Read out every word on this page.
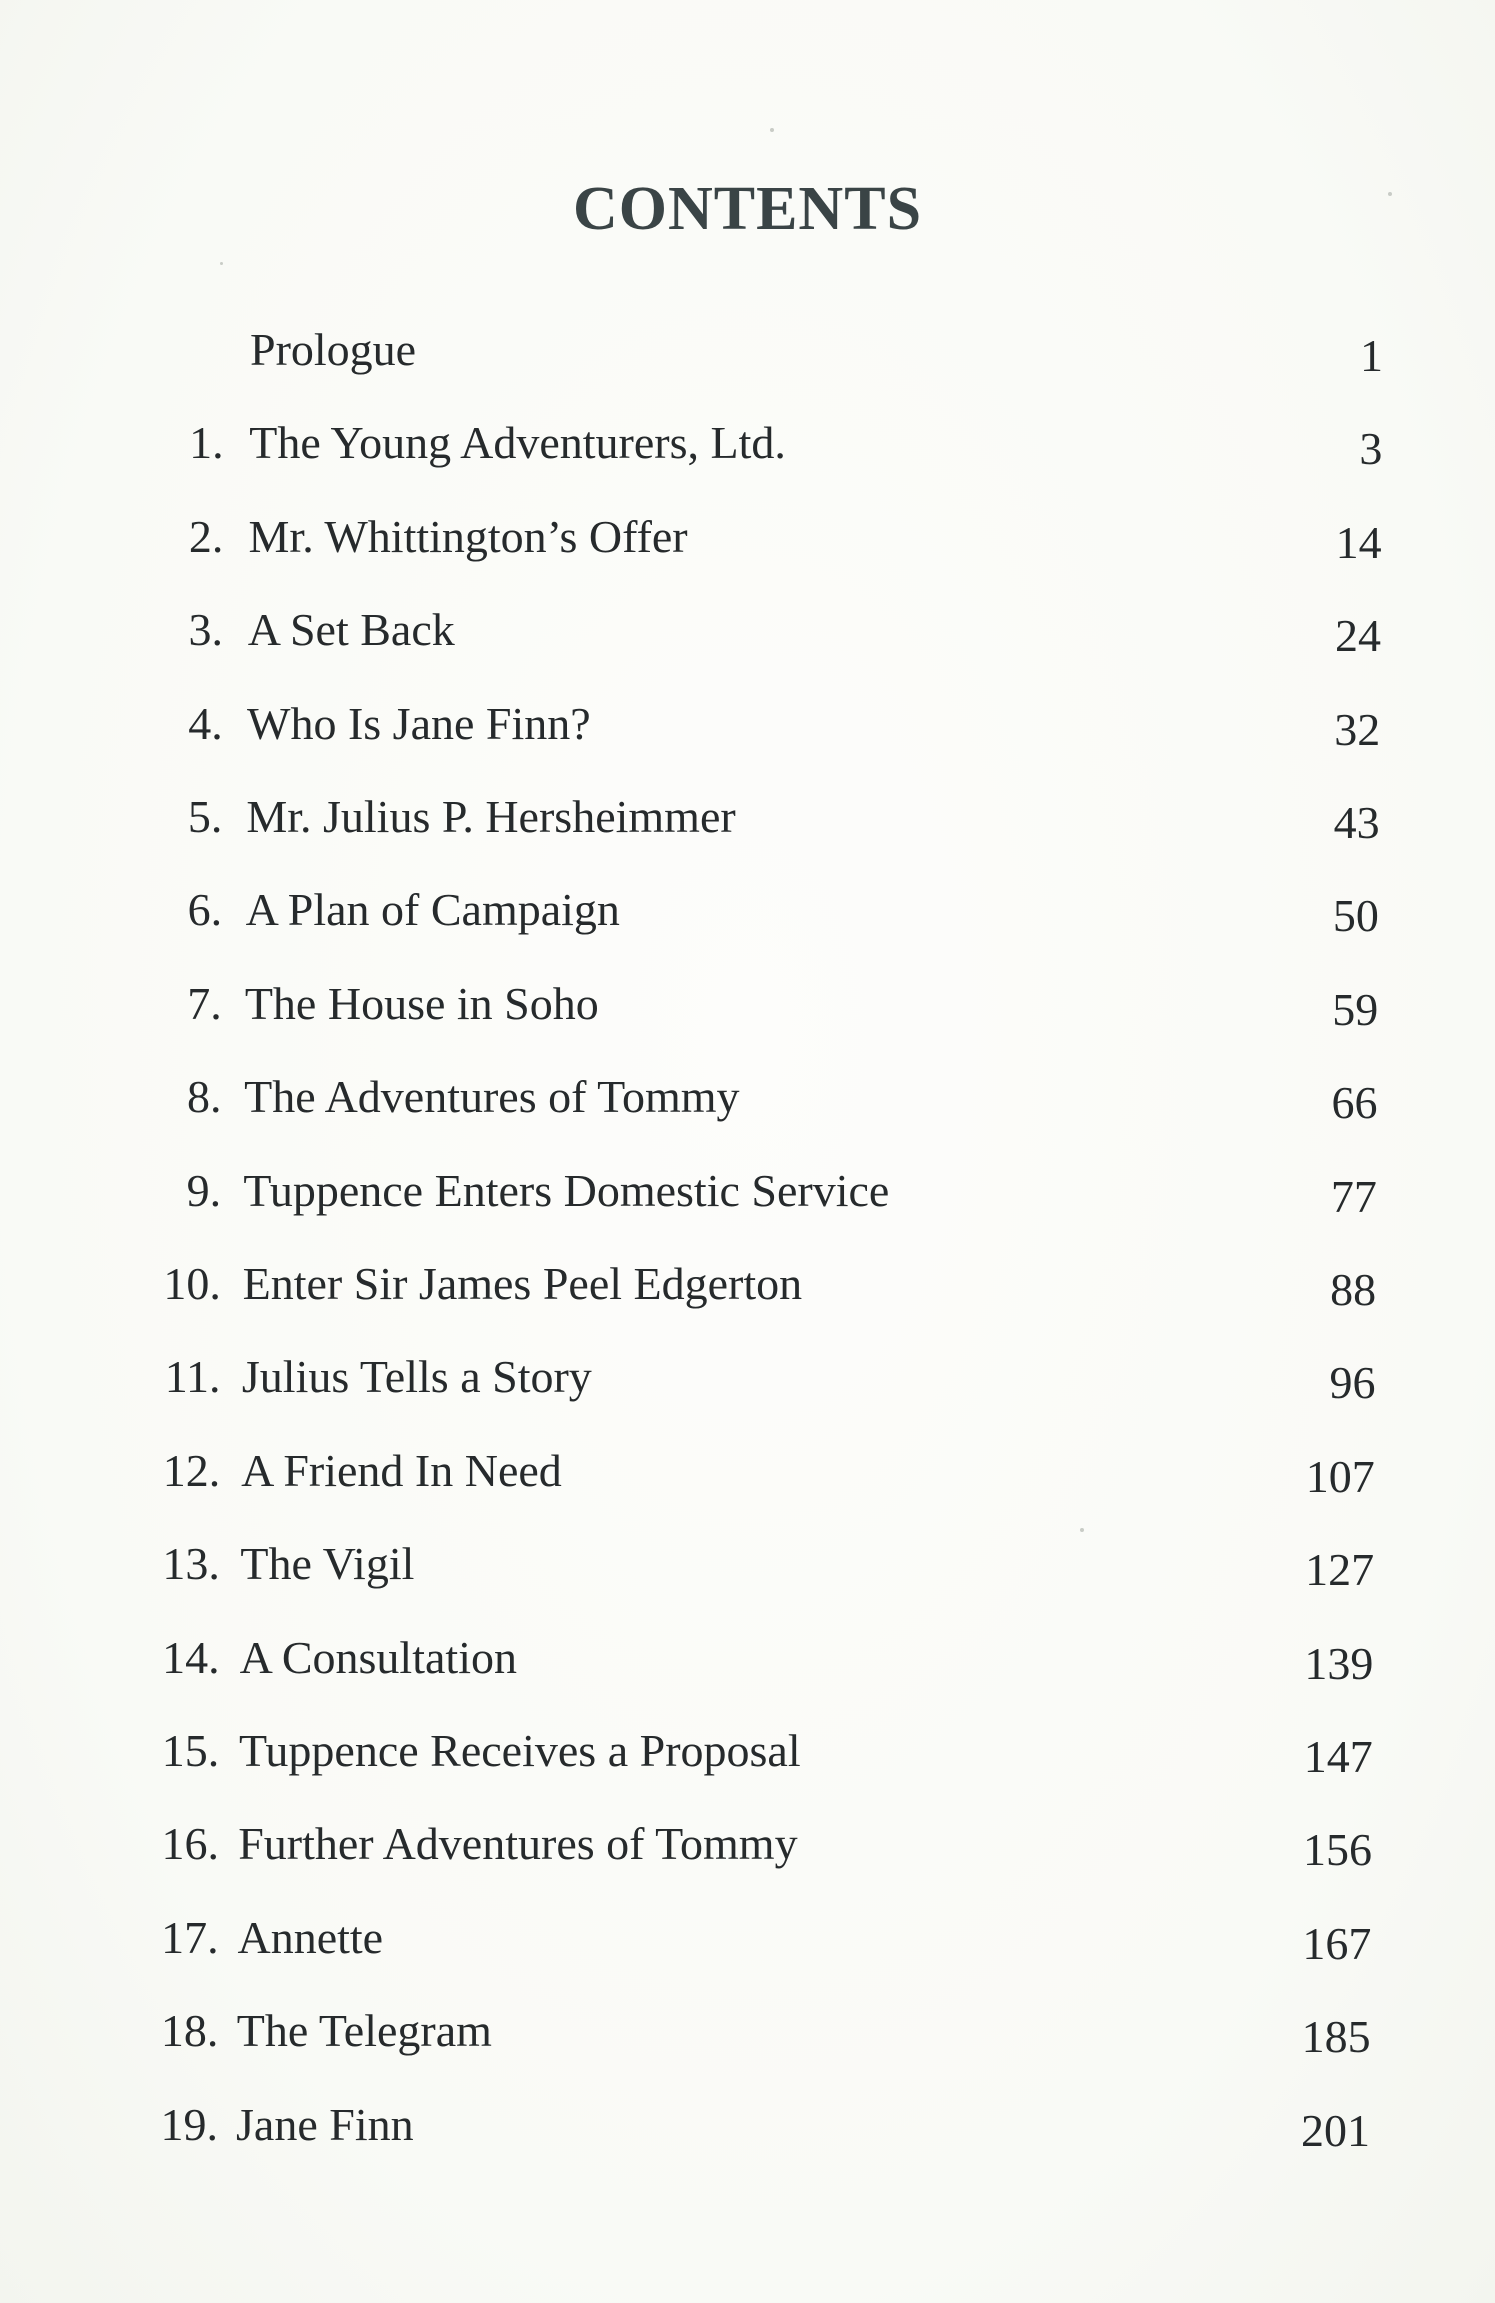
CONTENTS
Prologue	1
1. The Young Adventurers, Ltd.	3
2. Mr. Whittington’s Offer	14
3. A Set Back	24
4. Who Is Jane Finn?	32
5. Mr. Julius P. Hersheimmer	43
6. A Plan of Campaign	50
7. The House in Soho	59
8. The Adventures of Tommy	66
9. Tuppence Enters Domestic Service	77
10. Enter Sir James Peel Edgerton	88
11. Julius Tells a Story	96
12. A Friend In Need	107
13. The Vigil	127
14. A Consultation	139
15. Tuppence Receives a Proposal	147
16. Further Adventures of Tommy	156
17. Annette	167
18. The Telegram	185
19. Jane Finn	201
